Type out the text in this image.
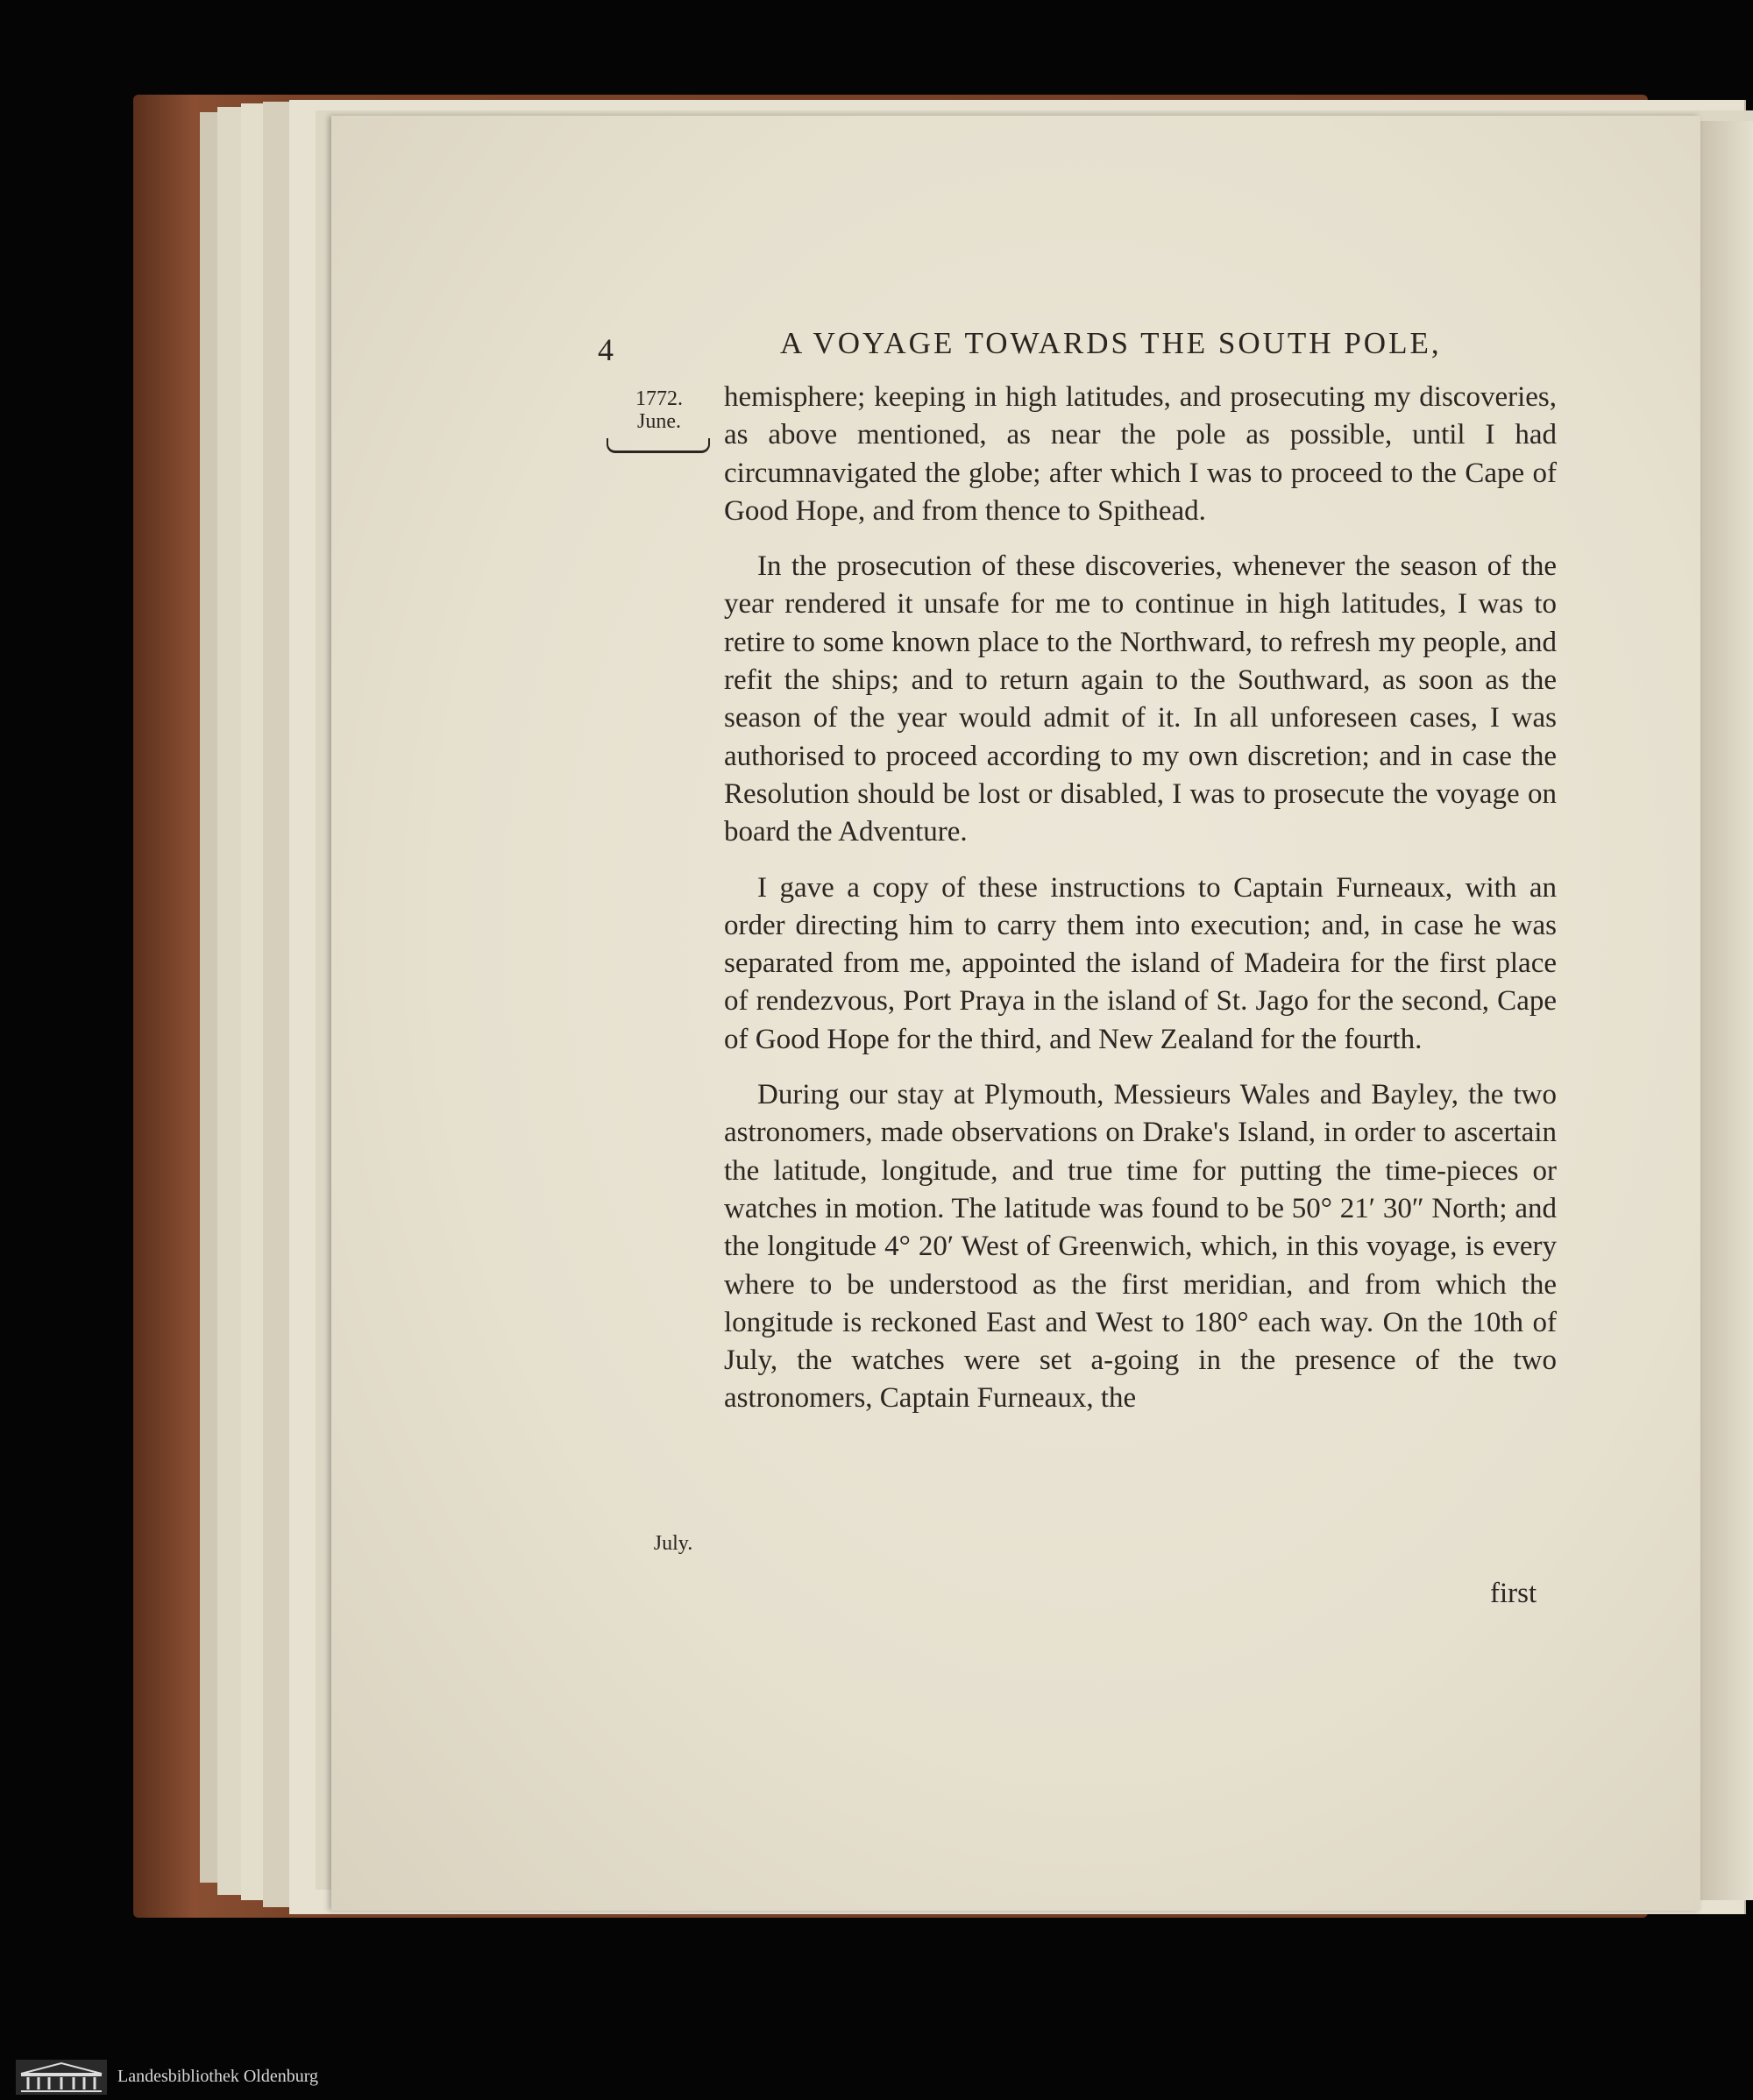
4	A VOYAGE TOWARDS THE SOUTH POLE,
1772.
June.
July.

hemisphere; keeping in high latitudes, and prosecuting my discoveries, as above mentioned, as near the pole as possible, until I had circumnavigated the globe; after which I was to proceed to the Cape of Good Hope, and from thence to Spithead.

In the prosecution of these discoveries, whenever the season of the year rendered it unsafe for me to continue in high latitudes, I was to retire to some known place to the Northward, to refresh my people, and refit the ships; and to return again to the Southward, as soon as the season of the year would admit of it. In all unforeseen cases, I was authorised to proceed according to my own discretion; and in case the Resolution should be lost or disabled, I was to prosecute the voyage on board the Adventure.

I gave a copy of these instructions to Captain Furneaux, with an order directing him to carry them into execution; and, in case he was separated from me, appointed the island of Madeira for the first place of rendezvous, Port Praya in the island of St. Jago for the second, Cape of Good Hope for the third, and New Zealand for the fourth.

During our stay at Plymouth, Messieurs Wales and Bayley, the two astronomers, made observations on Drake's Island, in order to ascertain the latitude, longitude, and true time for putting the time-pieces or watches in motion. The latitude was found to be 50° 21′ 30″ North; and the longitude 4° 20′ West of Greenwich, which, in this voyage, is every where to be understood as the first meridian, and from which the longitude is reckoned East and West to 180° each way. On the 10th of July, the watches were set a-going in the presence of the two astronomers, Captain Furneaux, the

first
Landesbibliothek Oldenburg
